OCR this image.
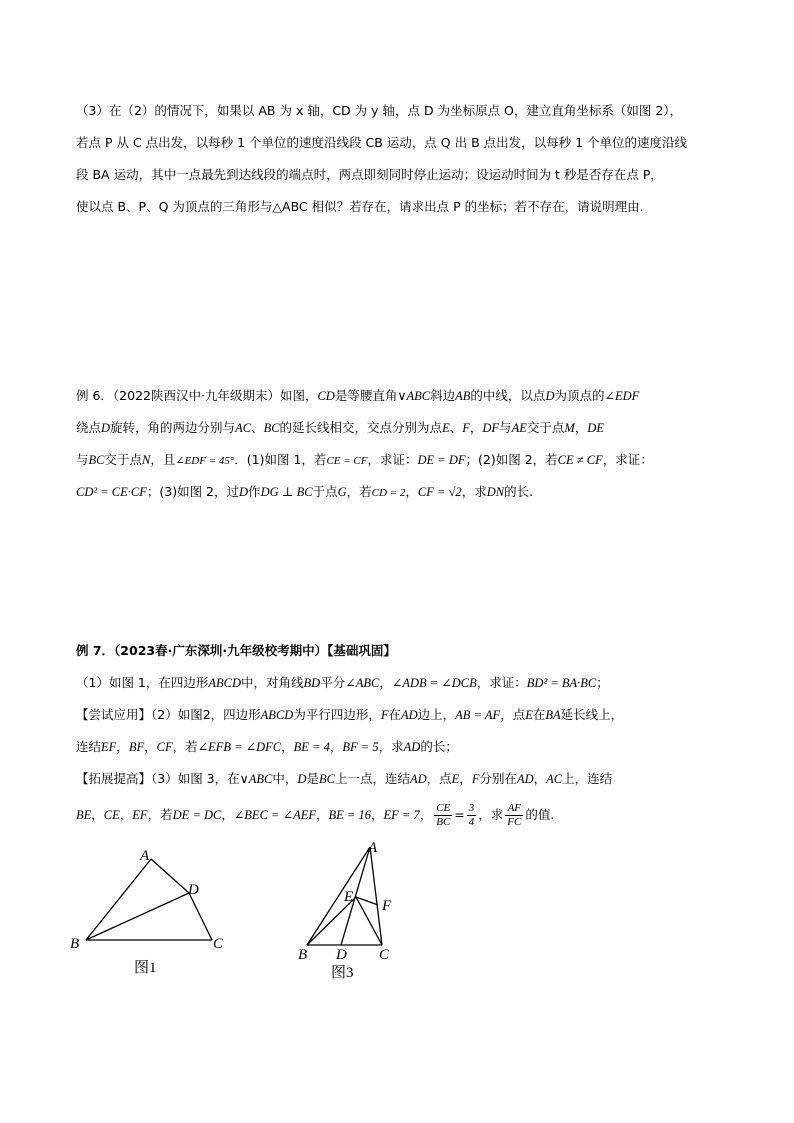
（3）在（2）的情况下，如果以 AB 为 x 轴，CD 为 y 轴，点 D 为坐标原点 O，建立直角坐标系（如图 2），
若点 P 从 C 点出发，以每秒 1 个单位的速度沿线段 CB 运动，点 Q 出 B 点出发，以每秒 1 个单位的速度沿线
段 BA 运动，其中一点最先到达线段的端点时，两点即刻同时停止运动；设运动时间为 t 秒是否存在点 P，
使以点 B、P、Q 为顶点的三角形与△ABC 相似？若存在，请求出点 P 的坐标；若不存在，请说明理由.
例 6．（2022陕西汉中·九年级期末）如图，CD是等腰直角∨ABC斜边AB的中线，以点D为顶点的∠EDF
绕点D旋转，角的两边分别与AC、BC的延长线相交，交点分别为点E、F，DF与AE交于点M，DE
与BC交于点N，且∠EDF = 45°．(1)如图 1，若CE = CF，求证：DE = DF；(2)如图 2，若CE ≠ CF，求证：
CD² = CE·CF；(3)如图 2，过D作DG ⊥ BC于点G，若CD = 2，CF = √2，求DN的长.
例 7．（2023春·广东深圳·九年级校考期中）【基础巩固】
（1）如图 1，在四边形ABCD中，对角线BD平分∠ABC，∠ADB = ∠DCB，求证：BD² = BA·BC；
【尝试应用】（2）如图2，四边形ABCD为平行四边形，F在AD边上，AB = AF，点E在BA延长线上，
连结EF，BF，CF，若∠EFB = ∠DFC，BE = 4，BF = 5，求AD的长；
【拓展提高】（3）如图 3，在∨ABC中，D是BC上一点，连结AD，点E，F分别在AD，AC上，连结
BE，CE，EF，若DE = DC，∠BEC = ∠AEF，BE = 16，EF = 7， $\frac{CE}{BC} = \frac{3}{4}$ ，求 $\frac{AF}{FC}$ 的值.
A
D
B	C
图1
A
E
F
B D C
图3
